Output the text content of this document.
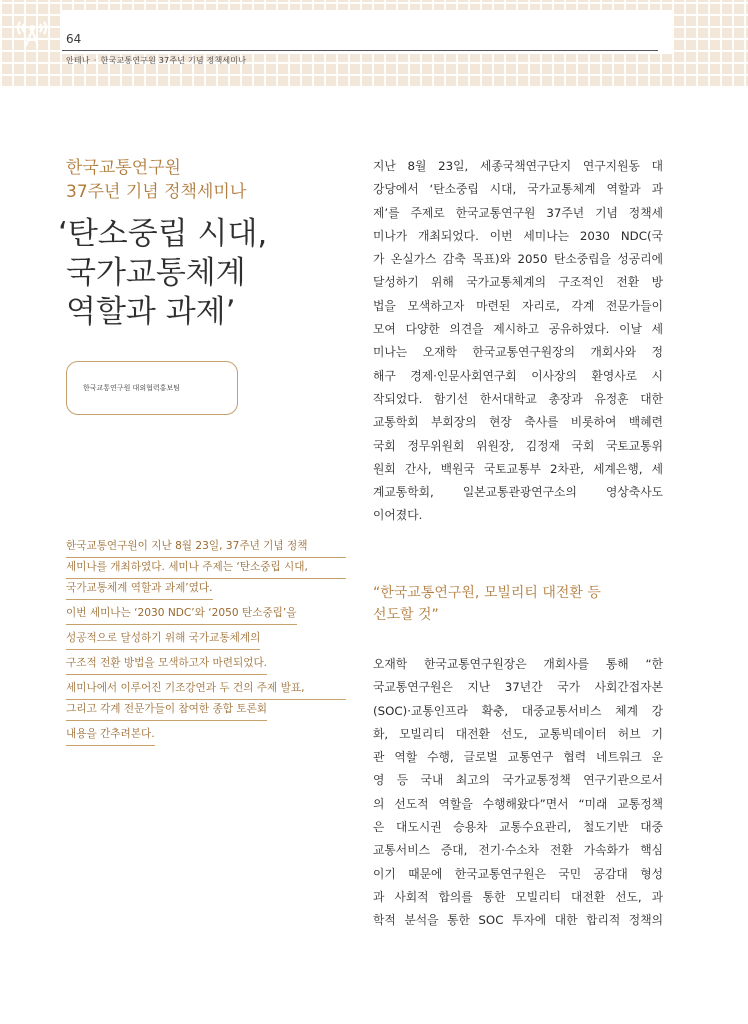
64
안테나 · 한국교통연구원 37주년 기념 정책세미나
한국교통연구원
37주년 기념 정책세미나
‘탄소중립 시대,
국가교통체계
역할과 과제’
한국교통연구원 대외협력홍보팀
한국교통연구원이 지난 8월 23일, 37주년 기념 정책
세미나를 개최하였다. 세미나 주제는 ‘탄소중립 시대,
국가교통체계 역할과 과제’였다. 이번 세미나는 ‘2030 NDC’와 ‘2050 탄소중립’을 성공적으로 달성하기 위해 국가교통체계의 구조적 전환 방법을 모색하고자 마련되었다.
세미나에서 이루어진 기조강연과 두 건의 주제 발표,
그리고 각계 전문가들이 참여한 종합 토론회 내용을 간추려본다.
지난 8월 23일, 세종국책연구단지 연구지원동 대
강당에서 ‘탄소중립 시대, 국가교통체계 역할과 과
제’를 주제로 한국교통연구원 37주년 기념 정책세
미나가 개최되었다. 이번 세미나는 2030 NDC(국
가 온실가스 감축 목표)와 2050 탄소중립을 성공리에
달성하기 위해 국가교통체계의 구조적인 전환 방
법을 모색하고자 마련된 자리로, 각계 전문가들이
모여 다양한 의견을 제시하고 공유하였다. 이날 세
미나는 오재학 한국교통연구원장의 개회사와 정
해구 경제·인문사회연구회 이사장의 환영사로 시
작되었다. 함기선 한서대학교 총장과 유정훈 대한
교통학회 부회장의 현장 축사를 비롯하여 백혜련
국회 정무위원회 위원장, 김정재 국회 국토교통위
원회 간사, 백원국 국토교통부 2차관, 세계은행, 세
계교통학회, 일본교통관광연구소의 영상축사도
이어졌다.
“한국교통연구원, 모빌리티 대전환 등
선도할 것”
오재학 한국교통연구원장은 개회사를 통해 “한
국교통연구원은 지난 37년간 국가 사회간접자본
(SOC)·교통인프라 확충, 대중교통서비스 체계 강
화, 모빌리티 대전환 선도, 교통빅데이터 허브 기
관 역할 수행, 글로벌 교통연구 협력 네트워크 운
영 등 국내 최고의 국가교통정책 연구기관으로서
의 선도적 역할을 수행해왔다”면서 “미래 교통정책
은 대도시권 승용차 교통수요관리, 철도기반 대중
교통서비스 증대, 전기·수소차 전환 가속화가 핵심
이기 때문에 한국교통연구원은 국민 공감대 형성
과 사회적 합의를 통한 모빌리티 대전환 선도, 과
학적 분석을 통한 SOC 투자에 대한 합리적 정책의
